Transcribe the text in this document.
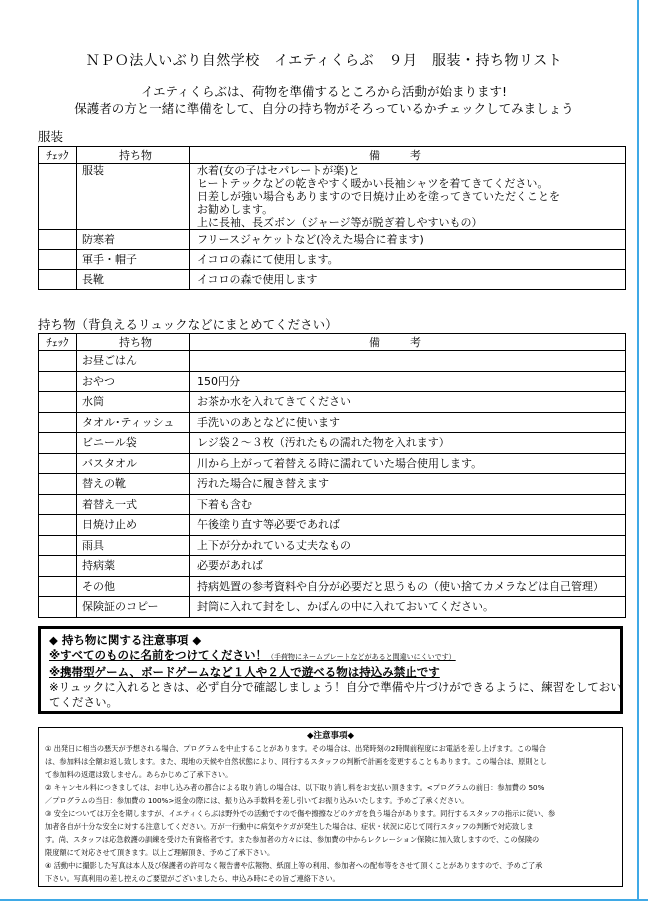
ＮＰＯ法人いぶり自然学校　イエティくらぶ　９月　服装・持ち物リスト
イエティくらぶは、荷物を準備するところから活動が始まります!
保護者の方と一緒に準備をして、自分の持ち物がそろっているかチェックしてみましょう
服装
ﾁｪｯｸ	持ち物	備考
	服装	水着(女の子はセパレートが楽)と
ヒートテックなどの乾きやすく暖かい長袖シャツを着てきてください。
日差しが強い場合もありますので日焼け止めを塗ってきていただくことを
お勧めします。
上に長袖、長ズボン（ジャージ等が脱ぎ着しやすいもの）

	防寒着	フリースジャケットなど(冷えた場合に着ます)
	軍手・帽子	イコロの森にて使用します。
	長靴	イコロの森で使用します
持ち物（背負えるリュックなどにまとめてください）
ﾁｪｯｸ	持ち物	備考
	お昼ごはん	
	おやつ	150円分
	水筒	お茶か水を入れてきてください
	タオル･ティッシュ	手洗いのあとなどに使います
	ビニール袋	レジ袋２〜３枚（汚れたもの濡れた物を入れます）
	バスタオル	川から上がって着替える時に濡れていた場合使用します。
	替えの靴	汚れた場合に履き替えます
	着替え一式	下着も含む
	日焼け止め	午後塗り直す等必要であれば
	雨具	上下が分かれている丈夫なもの
	持病薬	必要があれば
	その他	持病処置の参考資料や自分が必要だと思うもの（使い捨てカメラなどは自己管理）
	保険証のコピー	封筒に入れて封をし、かばんの中に入れておいてください。
◆ 持ち物に関する注意事項 ◆
※すべてのものに名前をつけてください！（手荷物にネームプレートなどがあると間違いにくいです）
※携帯型ゲーム、ボードゲームなど１人や２人で遊べる物は持込み禁止です
※リュックに入れるときは、必ず自分で確認しましょう！自分で準備や片づけができるように、練習をしておい
てください。
◆注意事項◆
① 出発日に相当の悪天が予想される場合、プログラムを中止することがあります。その場合は、出発時刻の2時間前程度にお電話を差し上げます。この場合
は、参加料は全額お返し致します。また、現地の天候や自然状態により、同行するスタッフの判断で計画を変更することもあります。この場合は、原則とし
て参加料の返還は致しません。あらかじめご了承下さい。
② キャンセル料につきましては、お申し込み者の都合による取り消しの場合は、以下取り消し料をお支払い頂きます。<プログラムの前日：参加費の 50%
／プログラムの当日：参加費の 100%>返金の際には、振り込み手数料を差し引いてお振り込みいたします。予めご了承ください。
③ 安全については万全を期しますが、イエティくらぶは野外での活動ですので傷や擦擦などのケガを負う場合があります。同行するスタッフの指示に従い、参
加者各自が十分な安全に対する注意してください。万が一行動中に病気やケガが発生した場合は、症状・状況に応じて同行スタッフの判断で対応致しま
す。尚、スタッフは応急救護の訓練を受けた有資格者です。また参加者の方々には、参加費の中からレクレーション保険に加入致しますので、この保険の
限度額にて対応させて頂きます。以上ご理解頂き、予めご了承下さい。
④ 活動中に撮影した写真は本人及び保護者の許可なく報告書や広報物、紙面上等の利用、参加者への配布等をさせて頂くことがありますので、予めご了承
下さい。写真利用の差し控えのご要望がございましたら、申込み時にその旨ご連絡下さい。
